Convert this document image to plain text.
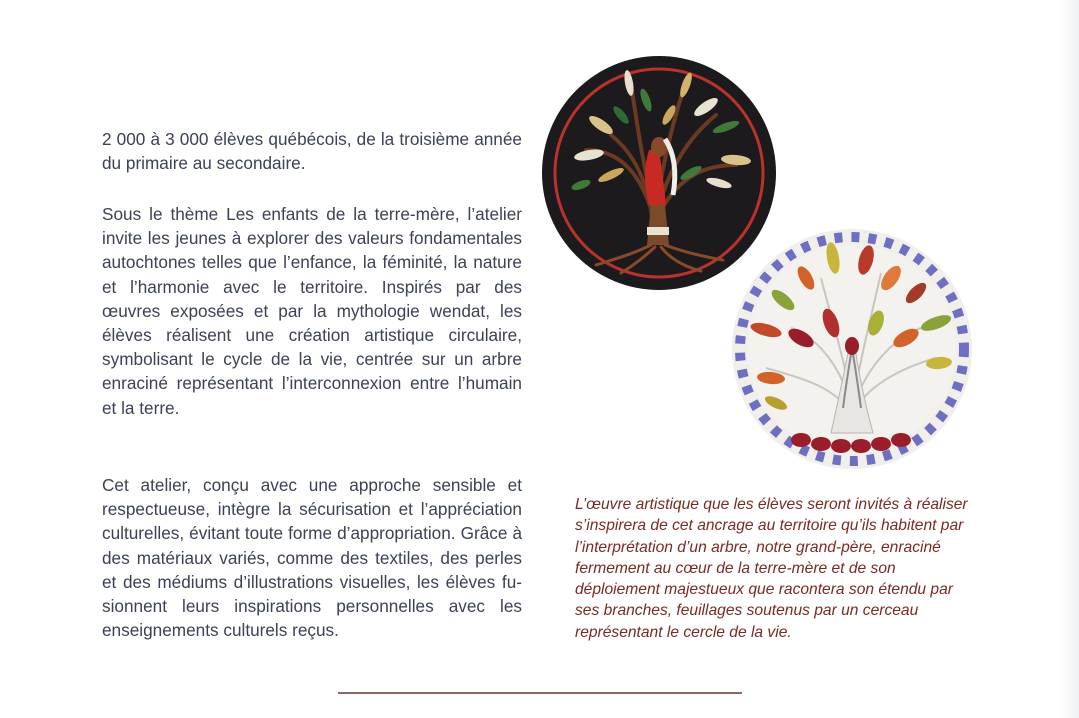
2 000 à 3 000 élèves québécois, de la troisième année du primaire au secondaire.

Sous le thème Les enfants de la terre-mère, l’atelier invite les jeunes à explorer des valeurs fondamentales autochtones telles que l’enfance, la féminité, la nature et l’harmonie avec le territoire. Inspirés par des œuvres exposées et par la mythologie wendat, les élèves réalisent une création artistique circulaire, symbolisant le cycle de la vie, centrée sur un arbre enraciné représentant l’interconnexion entre l’humain et la terre.

Cet atelier, conçu avec une approche sensible et respectueuse, intègre la sécurisation et l’appréciation culturelles, évitant toute forme d’appropriation. Grâce à des matériaux variés, comme des textiles, des perles et des médiums d’illustrations visuelles, les élèves fusionnent leurs inspirations personnelles avec les enseignements culturels reçus.

L’œuvre artistique que les élèves seront invités à réaliser s’inspirera de cet ancrage au territoire qu’ils habitent par l’interprétation d’un arbre, notre grand-père, enraciné fermement au cœur de la terre-mère et de son déploiement majestueux que racontera son étendu par ses branches, feuillages soutenus par un cerceau représentant le cercle de la vie.
